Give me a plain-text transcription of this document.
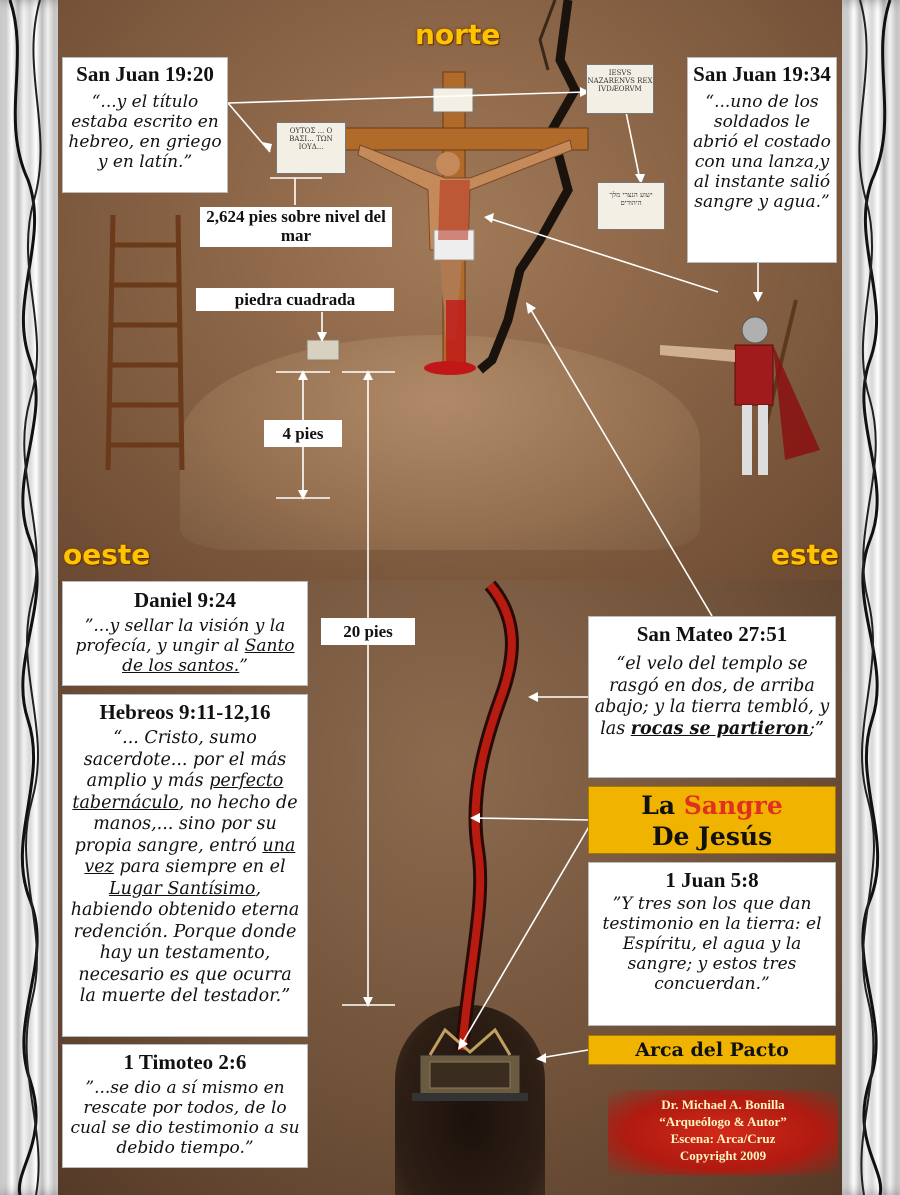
OYTOΣ ... O BAΣI... TΩN IOYΔ...
IESVS NAZARENVS REX IVDÆORVM
ישוע הנצרי מלך היהודים
norte
oeste	este
San Juan 19:20

“...y el título estaba escrito en hebreo, en griego y en latín.”

San Juan 19:34

“...uno de los soldados le abrió el costado con una lanza,y al instante salió sangre y agua.”

2,624 pies sobre nivel del mar
piedra cuadrada
4 pies
20 pies
Daniel 9:24

”...y sellar la visión y la profecía, y ungir al Santo de los santos.”

Hebreos 9:11-12,16

“... Cristo, sumo sacerdote... por el más amplio y más perfecto tabernáculo, no hecho de manos,... sino por su propia sangre, entró una vez para siempre en el Lugar Santísimo, habiendo obtenido eterna redención. Porque donde hay un testamento, necesario es que ocurra la muerte del testador.”

1 Timoteo 2:6

”...se dio a sí mismo en rescate por todos, de lo cual se dio testimonio a su debido tiempo.”

San Mateo 27:51

“el velo del templo se rasgó en dos, de arriba abajo; y la tierra tembló, y las rocas se partieron;”

La Sangre
De Jesús
1 Juan 5:8

”Y tres son los que dan testimonio en la tierra: el Espíritu, el agua y la sangre; y estos tres concuerdan.”

Arca del Pacto
Dr. Michael A. Bonilla
“Arqueólogo & Autor”
Escena: Arca/Cruz
Copyright 2009
